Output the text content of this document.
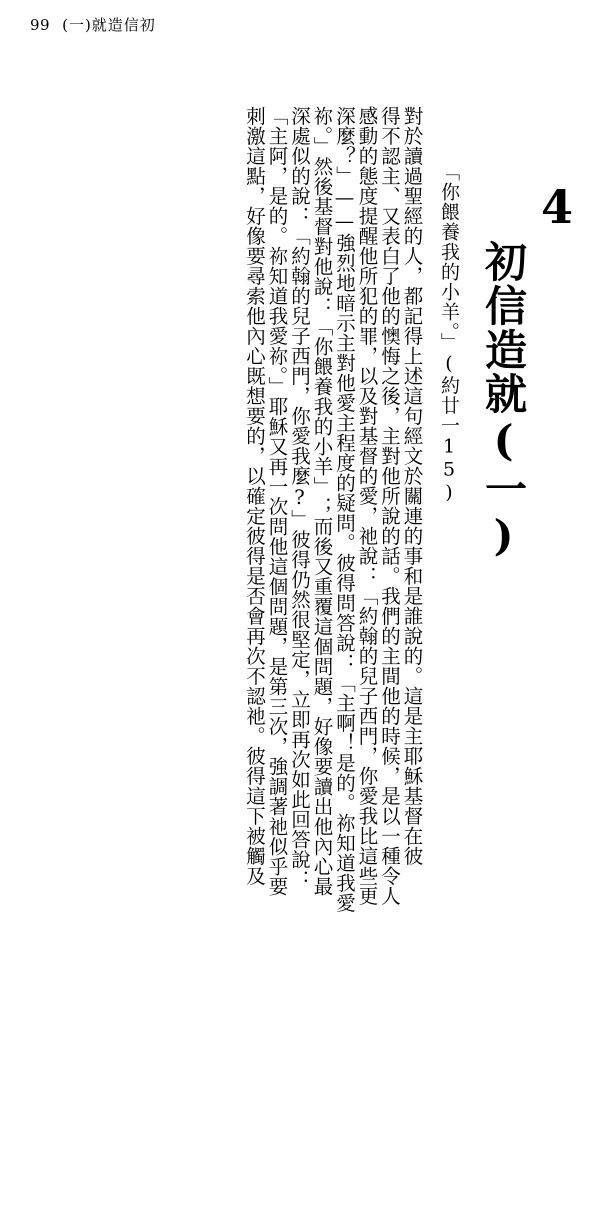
99 (一)就造信初
4
初信造就(一)
「你餵養我的小羊。」(約廿一15)
對於讀過聖經的人，都記得上述這句經文於關連的事和是誰說的。這是主耶穌基督在彼
得不認主、又表白了他的懊悔之後，主對他所說的話。我們的主間他的時候，是以一種令人
感動的態度提醒他所犯的罪，以及對基督的愛，祂說：「約翰的兒子西門，你愛我比這些更
深麼？」——強烈地暗示主對他愛主程度的疑問。彼得問答說：「主啊！是的。祢知道我愛
祢。」然後基督對他說：「你餵養我的小羊」；而後又重覆這個問題，好像要讀出他內心最
深處似的說：「約翰的兒子西門，你愛我麼?」彼得仍然很堅定，立即再次如此回答說：
「主阿，是的。祢知道我愛祢。」耶穌又再一次問他這個問題，是第三次，強調著祂似乎要
刺激這點，好像要尋索他內心既想要的，以確定彼得是否會再次不認祂。彼得這下被觸及
